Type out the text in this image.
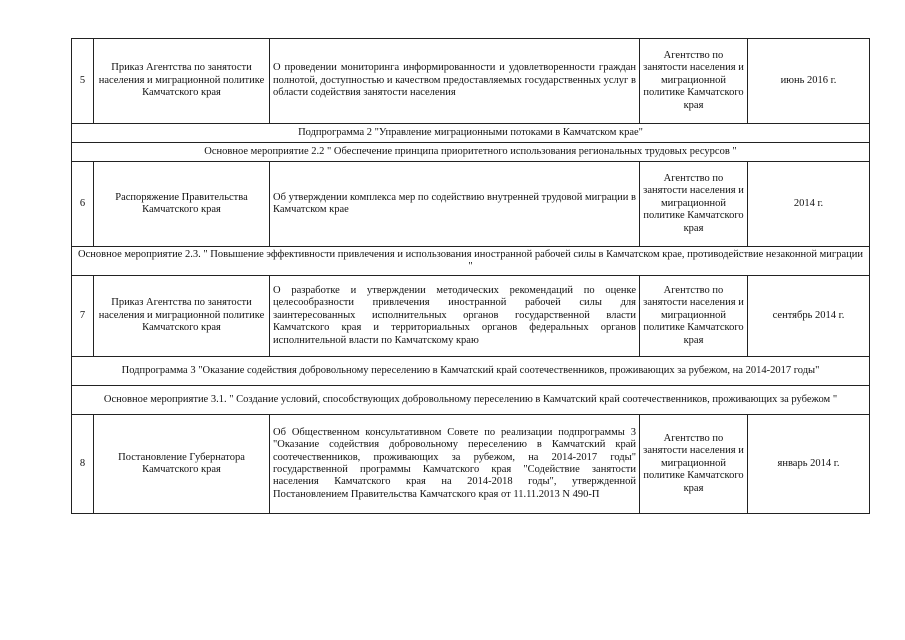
5	Приказ Агентства по занятости населения и миграционной политике Камчатского края	О проведении мониторинга информированности и удовлетворенности граждан полнотой, доступностью и качеством предоставляемых государственных услуг в области содействия занятости населения	Агентство по занятости населения и миграционной политике Камчатского края	июнь 2016 г.
Подпрограмма 2 "Управление миграционными потоками в Камчатском крае"				
Основное мероприятие 2.2 " Обеспечение принципа приоритетного использования региональных трудовых ресурсов "				
6	Распоряжение Правительства Камчатского края	Об утверждении комплекса мер по содействию внутренней трудовой миграции в Камчатском крае	Агентство по занятости населения и миграционной политике Камчатского края	2014 г.
Основное мероприятие 2.3. " Повышение эффективности привлечения и использования иностранной рабочей силы в Камчатском крае, противодействие незаконной миграции "				
7	Приказ Агентства по занятости населения и миграционной политике Камчатского края	О разработке и утверждении методических рекомендаций по оценке целесообразности привлечения иностранной рабочей силы для заинтересованных исполнительных органов государственной власти Камчатского края и территориальных органов федеральных органов исполнительной власти по Камчатскому краю	Агентство по занятости населения и миграционной политике Камчатского края	сентябрь 2014 г.
Подпрограмма 3 "Оказание содействия добровольному переселению в Камчатский край соотечественников, проживающих за рубежом, на 2014-2017 годы"				
Основное мероприятие 3.1. " Создание условий, способствующих добровольному переселению в Камчатский край соотечественников, проживающих за рубежом "				
8	Постановление Губернатора Камчатского края	Об Общественном консультативном Совете по реализации подпрограммы 3 "Оказание содействия добровольному переселению в Камчатский край соотечественников, проживающих за рубежом, на 2014-2017 годы" государственной программы Камчатского края "Содействие занятости населения Камчатского края на 2014-2018 годы", утвержденной Постановлением Правительства Камчатского края от 11.11.2013 N 490-П	Агентство по занятости населения и миграционной политике Камчатского края	январь 2014 г.
